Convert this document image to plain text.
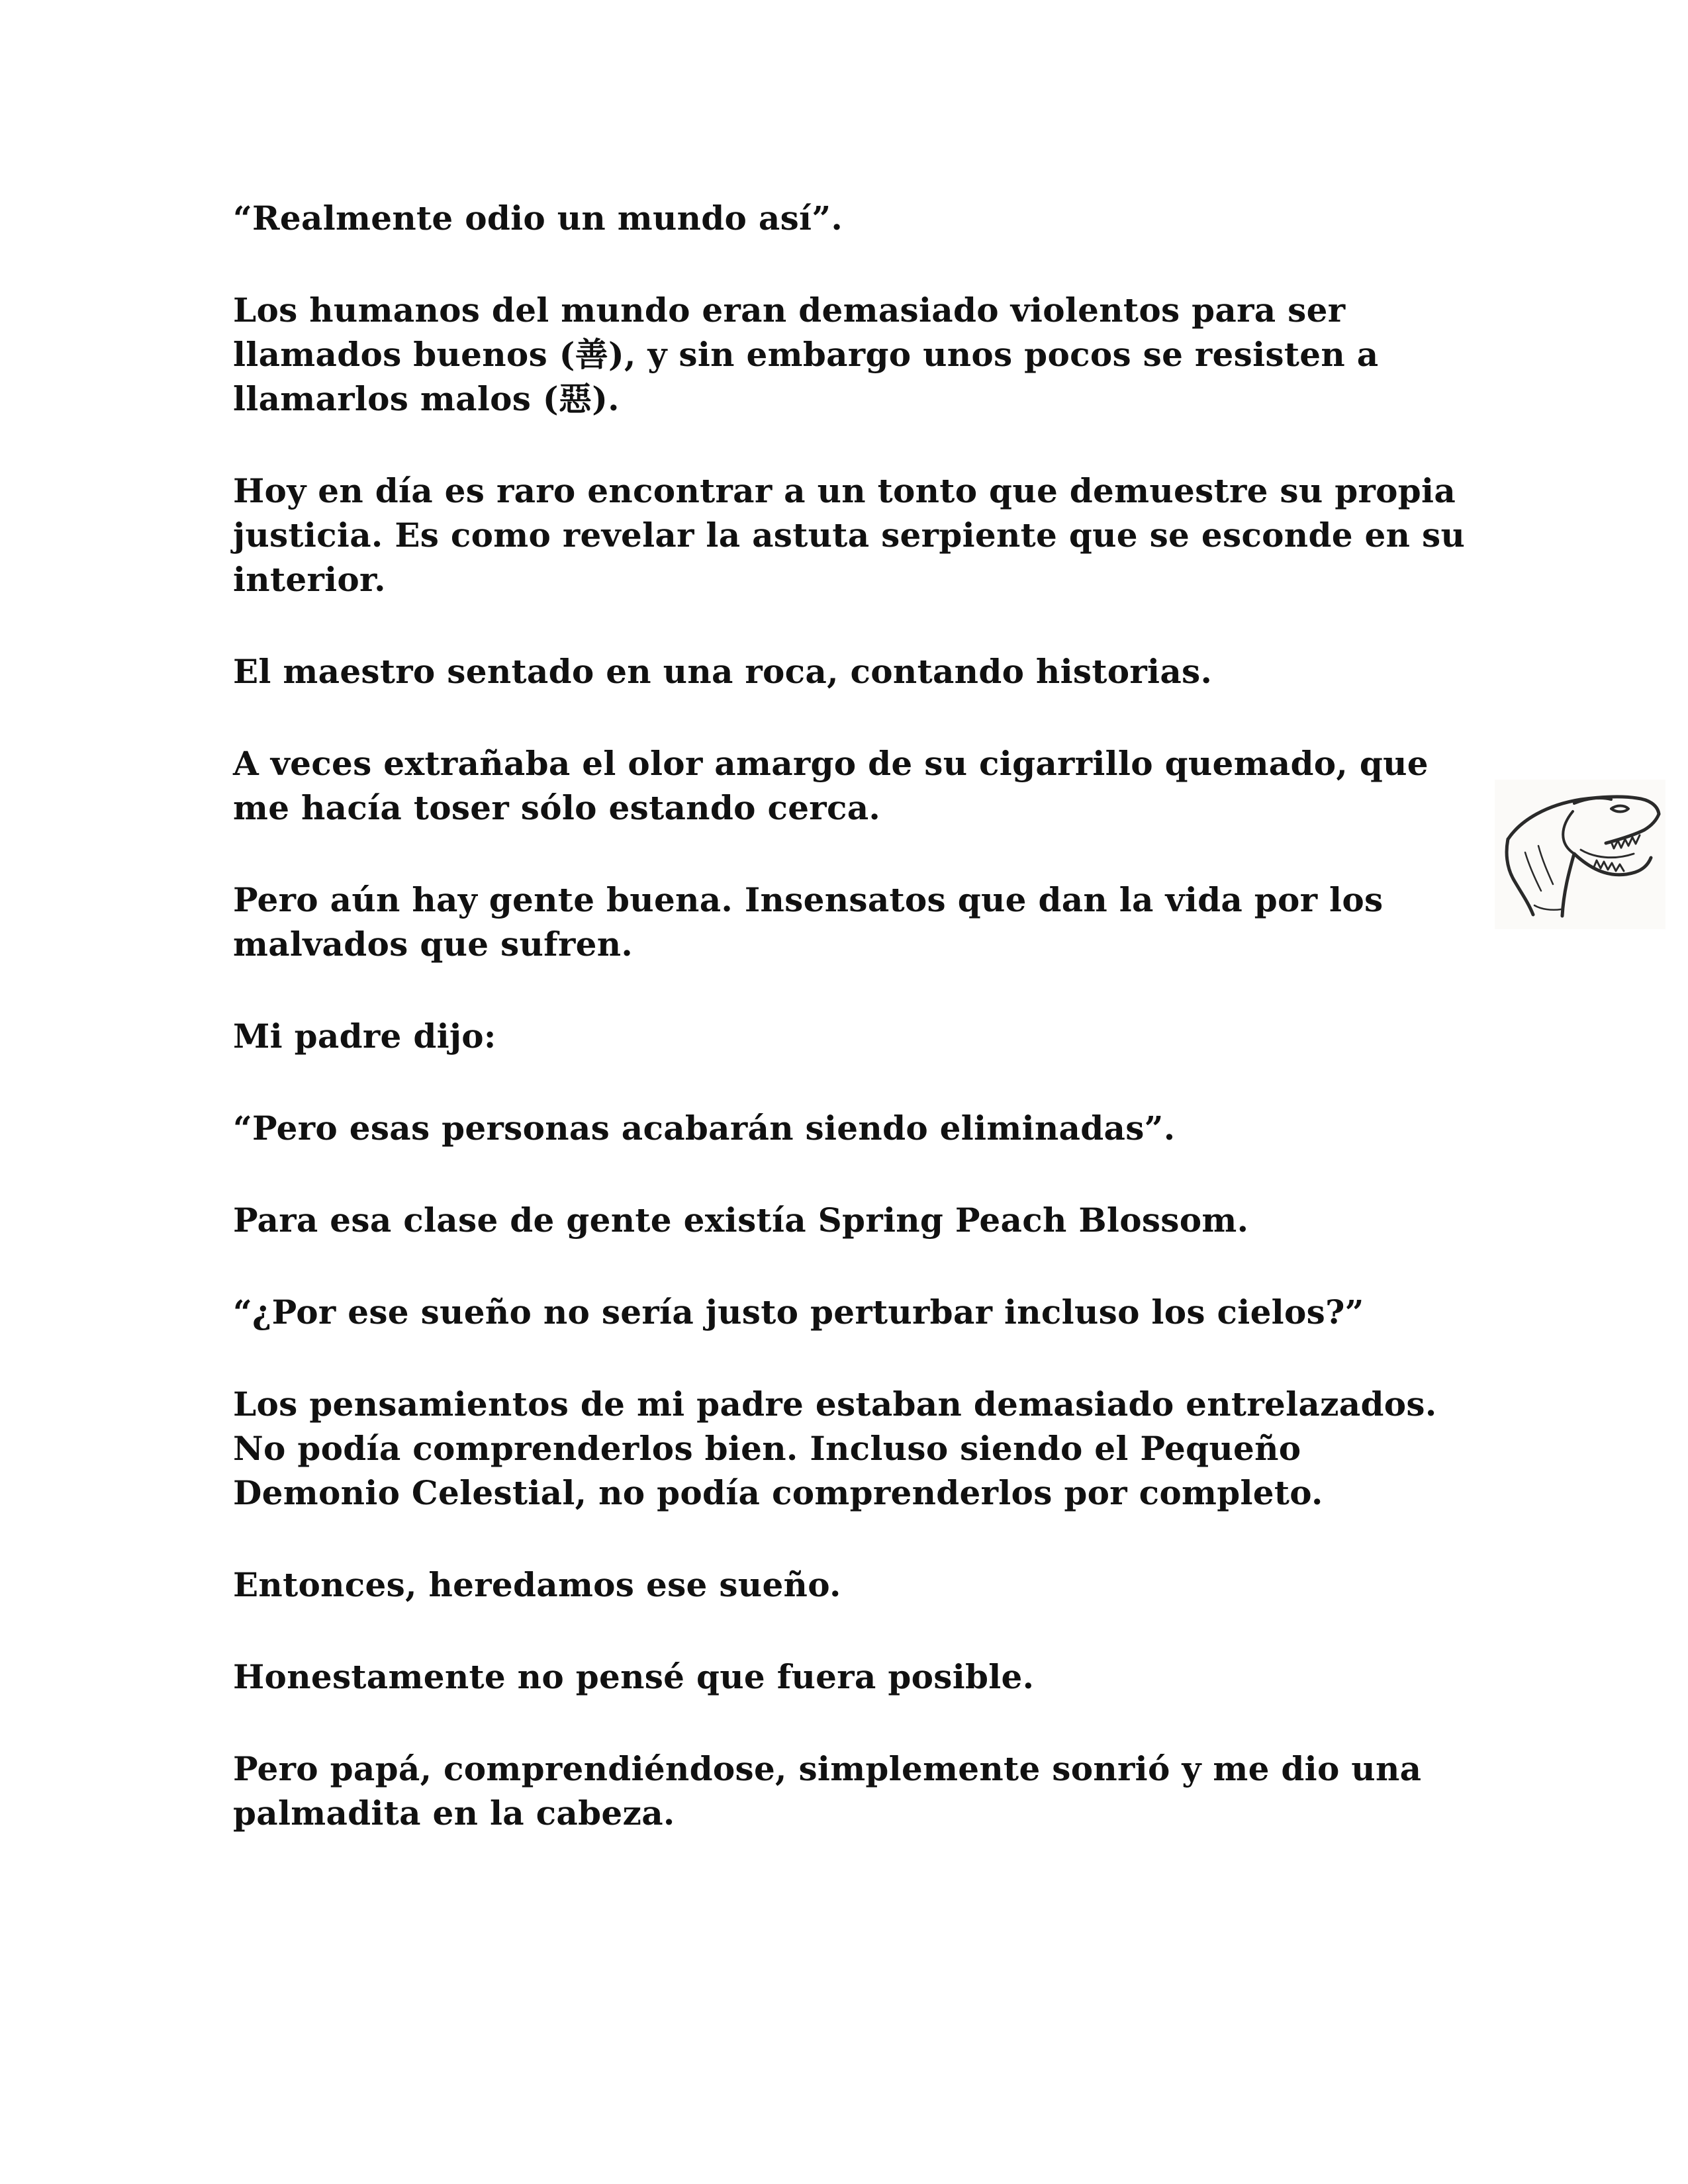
“Realmente odio un mundo así”.

Los humanos del mundo eran demasiado violentos para ser llamados buenos (善), y sin embargo unos pocos se resisten a llamarlos malos (惡).

Hoy en día es raro encontrar a un tonto que demuestre su propia justicia. Es como revelar la astuta serpiente que se esconde en su interior.

El maestro sentado en una roca, contando historias.

A veces extrañaba el olor amargo de su cigarrillo quemado, que me hacía toser sólo estando cerca.

Pero aún hay gente buena. Insensatos que dan la vida por los malvados que sufren.

Mi padre dijo:

“Pero esas personas acabarán siendo eliminadas”.

Para esa clase de gente existía Spring Peach Blossom.

“¿Por ese sueño no sería justo perturbar incluso los cielos?”

Los pensamientos de mi padre estaban demasiado entrelazados. No podía comprenderlos bien. Incluso siendo el Pequeño Demonio Celestial, no podía comprenderlos por completo.

Entonces, heredamos ese sueño.

Honestamente no pensé que fuera posible.

Pero papá, comprendiéndose, simplemente sonrió y me dio una palmadita en la cabeza.
